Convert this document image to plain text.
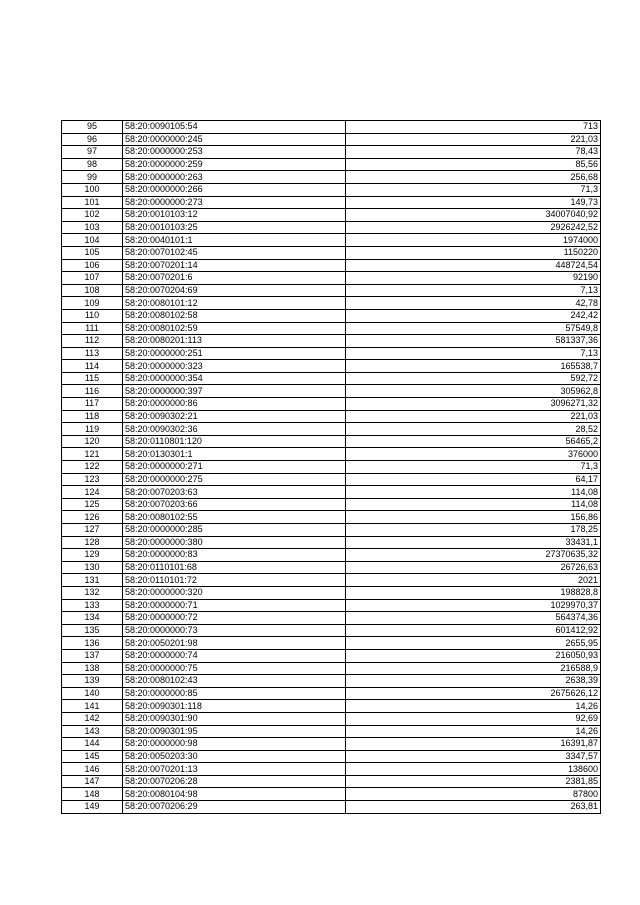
95	58:20:0090105:54	713
96	58:20:0000000:245	221,03
97	58:20:0000000:253	78,43
98	58:20:0000000:259	85,56
99	58:20:0000000:263	256,68
100	58:20:0000000:266	71,3
101	58:20:0000000:273	149,73
102	58:20:0010103:12	34007040,92
103	58:20:0010103:25	2926242,52
104	58:20:0040101:1	1974000
105	58:20:0070102:45	1150220
106	58:20:0070201:14	448724,54
107	58:20:0070201:6	92190
108	58:20:0070204:69	7,13
109	58:20:0080101:12	42,78
110	58:20:0080102:58	242,42
111	58:20:0080102:59	57549,8
112	58:20:0080201:113	581337,36
113	58:20:0000000:251	7,13
114	58:20:0000000:323	165538,7
115	58:20:0000000:354	592,72
116	58:20:0000000:397	305962,8
117	58:20:0000000:86	3096271,32
118	58:20:0090302:21	221,03
119	58:20:0090302:36	28,52
120	58:20:0110801:120	56465,2
121	58:20:0130301:1	376000
122	58:20:0000000:271	71,3
123	58:20:0000000:275	64,17
124	58:20:0070203:63	114,08
125	58:20:0070203:66	114,08
126	58:20:0080102:55	156,86
127	58:20:0000000:285	178,25
128	58:20:0000000:380	33431,1
129	58:20:0000000:83	27370635,32
130	58:20:0110101:68	26726,63
131	58:20:0110101:72	2021
132	58:20:0000000:320	198828,8
133	58:20:0000000:71	1029970,37
134	58:20:0000000:72	564374,36
135	58:20:0000000:73	601412,92
136	58:20:0050201:98	2655,95
137	58:20:0000000:74	216050,93
138	58:20:0000000:75	216588,9
139	58:20:0080102:43	2638,39
140	58:20:0000000:85	2675626,12
141	58:20:0090301:118	14,26
142	58:20:0090301:90	92,69
143	58:20:0090301:95	14,26
144	58:20:0000000:98	16391,87
145	58:20:0050203:30	3347,57
146	58:20:0070201:13	138600
147	58:20:0070206:28	2381,85
148	58:20:0080104:98	87800
149	58:20:0070206:29	263,81
